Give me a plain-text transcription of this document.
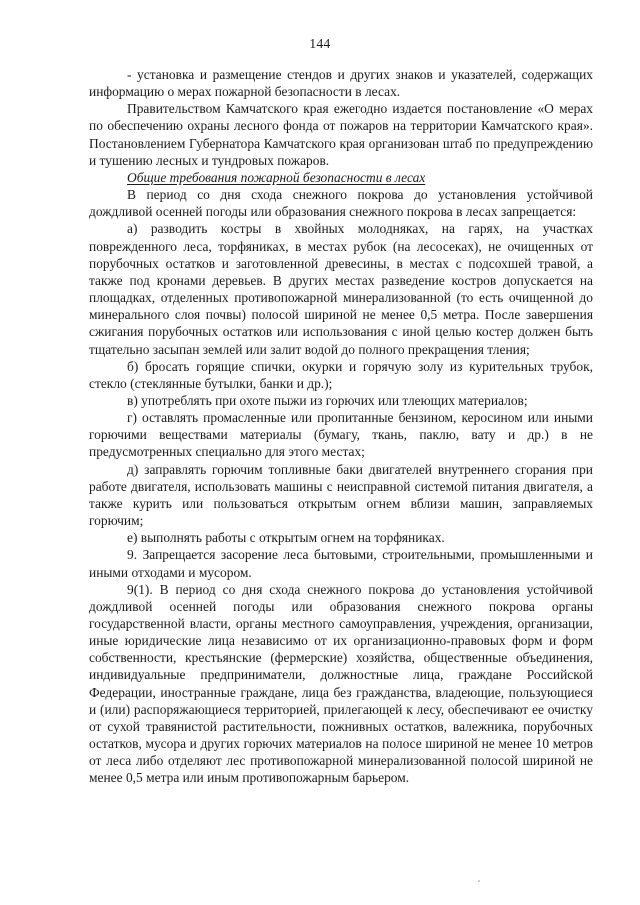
144

- установка и размещение стендов и других знаков и указателей, содержащих информацию о мерах пожарной безопасности в лесах.

Правительством Камчатского края ежегодно издается постановление «О мерах по обеспечению охраны лесного фонда от пожаров на территории Камчатского края». Постановлением Губернатора Камчатского края организован штаб по предупреждению и тушению лесных и тундровых пожаров.

Общие требования пожарной безопасности в лесах

В период со дня схода снежного покрова до установления устойчивой дождливой осенней погоды или образования снежного покрова в лесах запрещается:

а) разводить костры в хвойных молодняках, на гарях, на участках поврежденного леса, торфяниках, в местах рубок (на лесосеках), не очищенных от порубочных остатков и заготовленной древесины, в местах с подсохшей травой, а также под кронами деревьев. В других местах разведение костров допускается на площадках, отделенных противопожарной минерализованной (то есть очищенной до минерального слоя почвы) полосой шириной не менее 0,5 метра. После завершения сжигания порубочных остатков или использования с иной целью костер должен быть тщательно засыпан землей или залит водой до полного прекращения тления;

б) бросать горящие спички, окурки и горячую золу из курительных трубок, стекло (стеклянные бутылки, банки и др.);

в) употреблять при охоте пыжи из горючих или тлеющих материалов;

г) оставлять промасленные или пропитанные бензином, керосином или иными горючими веществами материалы (бумагу, ткань, паклю, вату и др.) в не предусмотренных специально для этого местах;

д) заправлять горючим топливные баки двигателей внутреннего сгорания при работе двигателя, использовать машины с неисправной системой питания двигателя, а также курить или пользоваться открытым огнем вблизи машин, заправляемых горючим;

е) выполнять работы с открытым огнем на торфяниках.

9. Запрещается засорение леса бытовыми, строительными, промышленными и иными отходами и мусором.

9(1). В период со дня схода снежного покрова до установления устойчивой дождливой осенней погоды или образования снежного покрова органы государственной власти, органы местного самоуправления, учреждения, организации, иные юридические лица независимо от их организационно-правовых форм и форм собственности, крестьянские (фермерские) хозяйства, общественные объединения, индивидуальные предприниматели, должностные лица, граждане Российской Федерации, иностранные граждане, лица без гражданства, владеющие, пользующиеся и (или) распоряжающиеся территорией, прилегающей к лесу, обеспечивают ее очистку от сухой травянистой растительности, пожнивных остатков, валежника, порубочных остатков, мусора и других горючих материалов на полосе шириной не менее 10 метров от леса либо отделяют лес противопожарной минерализованной полосой шириной не менее 0,5 метра или иным противопожарным барьером.
